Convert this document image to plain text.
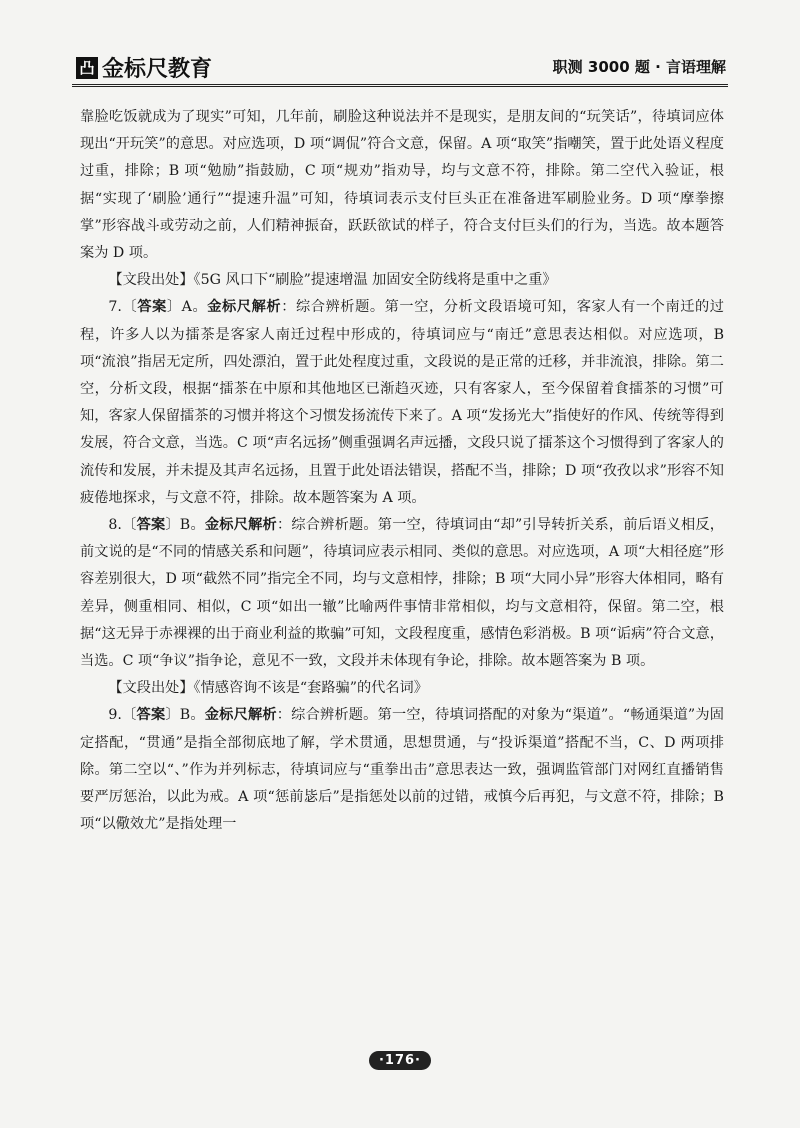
凸 金标尺教育	职测 3000 题 · 言语理解

靠脸吃饭就成为了现实”可知，几年前，刷脸这种说法并不是现实，是朋友间的“玩笑话”，待填词应体现出“开玩笑”的意思。对应选项，D 项“调侃”符合文意，保留。A 项“取笑”指嘲笑，置于此处语义程度过重，排除；B 项“勉励”指鼓励，C 项“规劝”指劝导，均与文意不符，排除。第二空代入验证，根据“实现了‘刷脸’通行”“提速升温”可知，待填词表示支付巨头正在准备进军刷脸业务。D 项“摩拳擦掌”形容战斗或劳动之前，人们精神振奋，跃跃欲试的样子，符合支付巨头们的行为，当选。故本题答案为 D 项。

【文段出处】《5G 风口下“刷脸”提速增温 加固安全防线将是重中之重》

7.〔答案〕A。金标尺解析：综合辨析题。第一空，分析文段语境可知，客家人有一个南迁的过程，许多人以为擂茶是客家人南迁过程中形成的，待填词应与“南迁”意思表达相似。对应选项，B 项“流浪”指居无定所，四处漂泊，置于此处程度过重，文段说的是正常的迁移，并非流浪，排除。第二空，分析文段，根据“擂茶在中原和其他地区已渐趋灭迹，只有客家人，至今保留着食擂茶的习惯”可知，客家人保留擂茶的习惯并将这个习惯发扬流传下来了。A 项“发扬光大”指使好的作风、传统等得到发展，符合文意，当选。C 项“声名远扬”侧重强调名声远播，文段只说了擂茶这个习惯得到了客家人的流传和发展，并未提及其声名远扬，且置于此处语法错误，搭配不当，排除；D 项“孜孜以求”形容不知疲倦地探求，与文意不符，排除。故本题答案为 A 项。

8.〔答案〕B。金标尺解析：综合辨析题。第一空，待填词由“却”引导转折关系，前后语义相反，前文说的是“不同的情感关系和问题”，待填词应表示相同、类似的意思。对应选项，A 项“大相径庭”形容差别很大，D 项“截然不同”指完全不同，均与文意相悖，排除；B 项“大同小异”形容大体相同，略有差异，侧重相同、相似，C 项“如出一辙”比喻两件事情非常相似，均与文意相符，保留。第二空，根据“这无异于赤裸裸的出于商业利益的欺骗”可知，文段程度重，感情色彩消极。B 项“诟病”符合文意，当选。C 项“争议”指争论，意见不一致，文段并未体现有争论，排除。故本题答案为 B 项。

【文段出处】《情感咨询不该是“套路骗”的代名词》

9.〔答案〕B。金标尺解析：综合辨析题。第一空，待填词搭配的对象为“渠道”。“畅通渠道”为固定搭配，“贯通”是指全部彻底地了解，学术贯通，思想贯通，与“投诉渠道”搭配不当，C、D 两项排除。第二空以“、”作为并列标志，待填词应与“重拳出击”意思表达一致，强调监管部门对网红直播销售要严厉惩治，以此为戒。A 项“惩前毖后”是指惩处以前的过错，戒慎今后再犯，与文意不符，排除；B 项“以儆效尤”是指处理一

·176·
